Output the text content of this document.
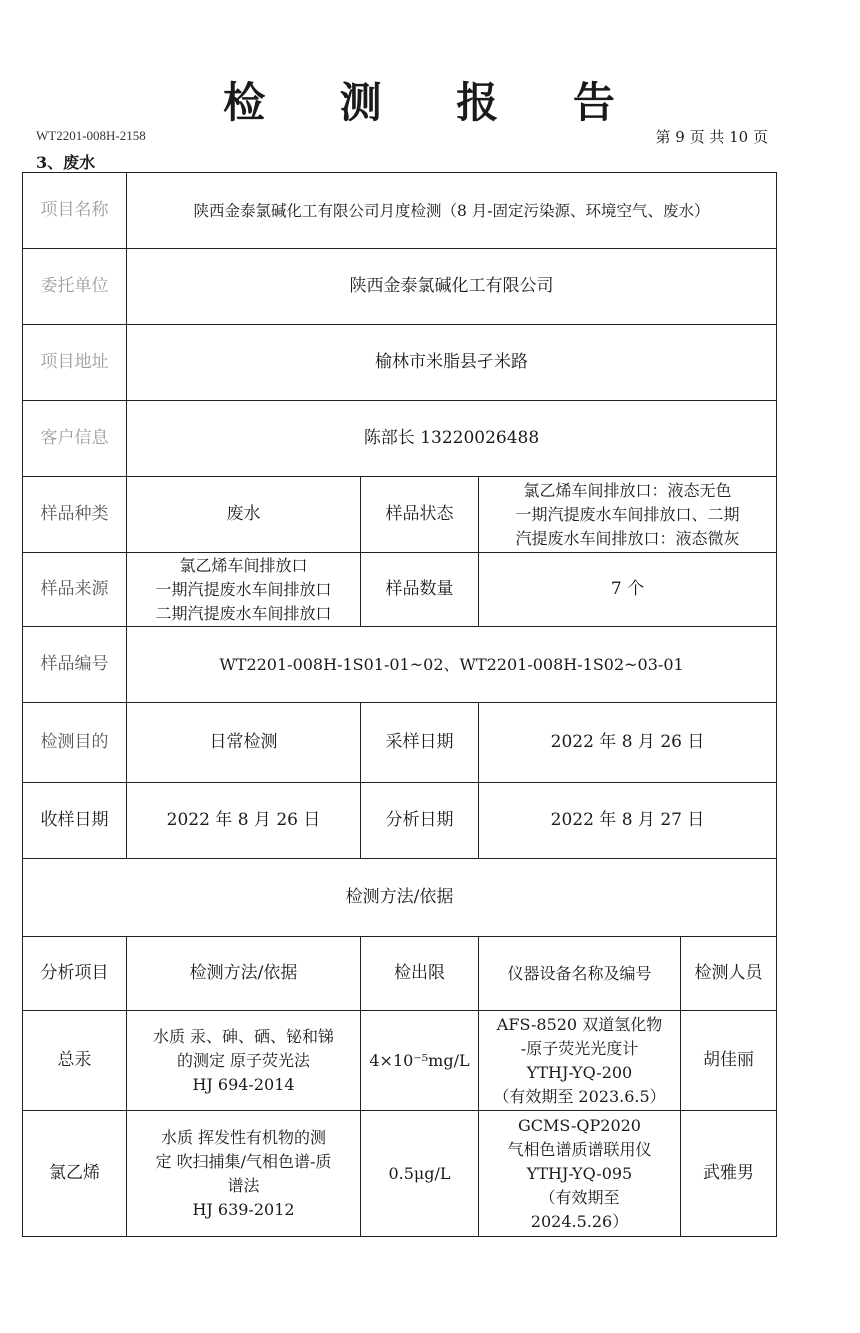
检 测 报 告
WT2201-008H-2158	第 9 页 共 10 页
3、废水
项目名称	陕西金泰氯碱化工有限公司月度检测（8 月-固定污染源、环境空气、废水）			
委托单位	陕西金泰氯碱化工有限公司			
项目地址	榆林市米脂县孑米路			
客户信息	陈部长 13220026488			
样品种类	废水	样品状态	氯乙烯车间排放口：液态无色
一期汽提废水车间排放口、二期
汽提废水车间排放口：液态微灰	

样品来源	氯乙烯车间排放口
一期汽提废水车间排放口
二期汽提废水车间排放口	样品数量	7 个	
样品编号	WT2201-008H-1S01-01~02、WT2201-008H-1S02~03-01			
检测目的	日常检测	采样日期	2022 年 8 月 26 日	
收样日期	2022 年 8 月 26 日	分析日期	2022 年 8 月 27 日	
检测方法/依据				
分析项目	检测方法/依据	检出限	仪器设备名称及编号	检测人员
总汞	水质 汞、砷、硒、铋和锑
的测定 原子荧光法
HJ 694-2014	4×10⁻⁵mg/L	AFS-8520 双道氢化物
-原子荧光光度计
YTHJ-YQ-200
（有效期至 2023.6.5）	胡佳丽
氯乙烯	水质 挥发性有机物的测
定 吹扫捕集/气相色谱-质
谱法
HJ 639-2012	0.5μg/L	GCMS-QP2020
气相色谱质谱联用仪
YTHJ-YQ-095
（有效期至
2024.5.26）	武雅男
